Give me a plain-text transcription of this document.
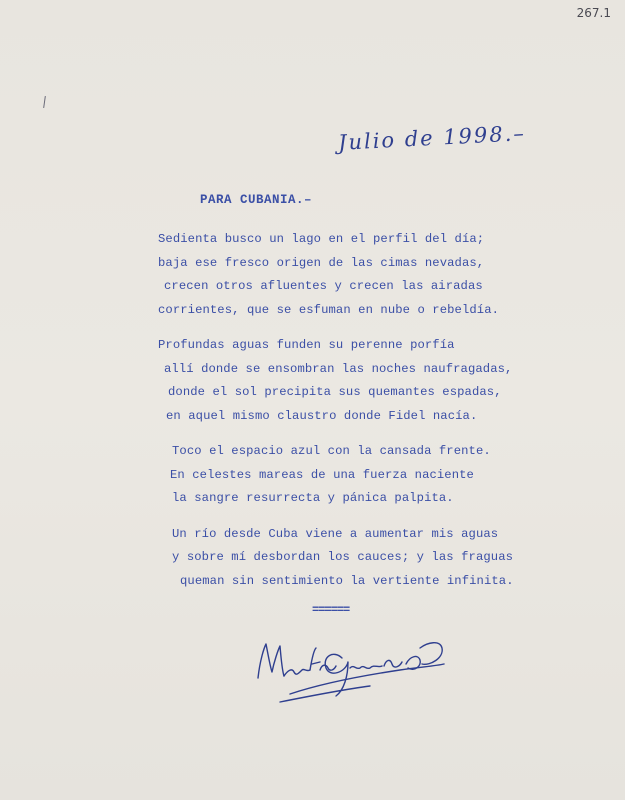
267.1
Julio de 1998.–
PARA CUBANIA.–
Sedienta busco un lago en el perfil del día;
baja ese fresco origen de las cimas nevadas,
crecen otros afluentes y crecen las airadas
corrientes, que se esfuman en nube o rebeldía.
Profundas aguas funden su perenne porfía
allí donde se ensombran las noches naufragadas,
donde el sol precipita sus quemantes espadas,
en aquel mismo claustro donde Fidel nacía.
Toco el espacio azul con la cansada frente.
En celestes mareas de una fuerza naciente
la sangre resurrecta y pánica palpita.
Un río desde Cuba viene a aumentar mis aguas
y sobre mí desbordan los cauces; y las fraguas
queman sin sentimiento la vertiente infinita.
======
